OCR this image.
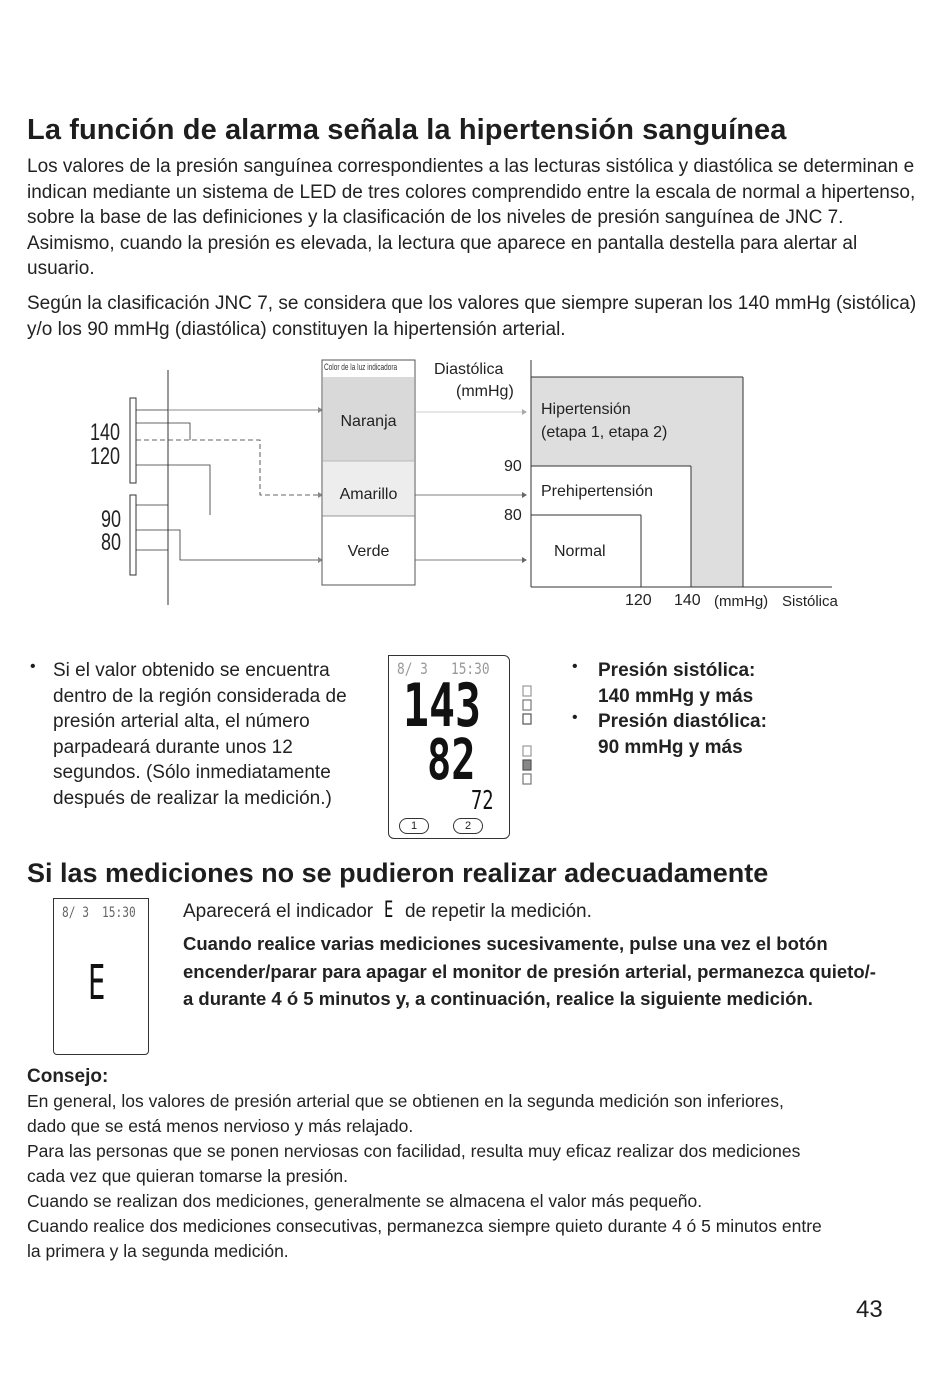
La función de alarma señala la hipertensión sanguínea

Los valores de la presión sanguínea correspondientes a las lecturas sistólica y diastólica se determinan e indican mediante un sistema de LED de tres colores comprendido entre la escala de normal a hipertenso, sobre la base de las definiciones y la clasificación de los niveles de presión sanguínea de JNC 7. Asimismo, cuando la presión es elevada, la lectura que aparece en pantalla destella para alertar al usuario.

Según la clasificación JNC 7, se considera que los valores que siempre superan los 140 mmHg (sistólica) y/o los 90 mmHg (diastólica) constituyen la hipertensión arterial.

140
120
90
80
Color de la luz indicadora
Naranja
Amarillo
Verde
Diastólica
(mmHg)
90
80
Hipertensión
(etapa 1, etapa 2)
Prehipertensión
Normal
120 140 (mmHg) Sistólica
• Si el valor obtenido se encuentra dentro de la región considerada de presión arterial alta, el número parpadeará durante unos 12 segundos. (Sólo inmediatamente después de realizar la medición.)
8/ 3 15:30
143
82
72
1	2
• Presión sistólica:
140 mmHg y más
• Presión diastólica:
90 mmHg y más
Si las mediciones no se pudieron realizar adecuadamente
8/ 3 15:30
E
Aparecerá el indicador E de repetir la medición.

Cuando realice varias mediciones sucesivamente, pulse una vez el botón encender/parar para apagar el monitor de presión arterial, permanezca quieto/-a durante 4 ó 5 minutos y, a continuación, realice la siguiente medición.

Consejo:

En general, los valores de presión arterial que se obtienen en la segunda medición son inferiores, dado que se está menos nervioso y más relajado.

Para las personas que se ponen nerviosas con facilidad, resulta muy eficaz realizar dos mediciones cada vez que quieran tomarse la presión.

Cuando se realizan dos mediciones, generalmente se almacena el valor más pequeño.

Cuando realice dos mediciones consecutivas, permanezca siempre quieto durante 4 ó 5 minutos entre la primera y la segunda medición.

43
